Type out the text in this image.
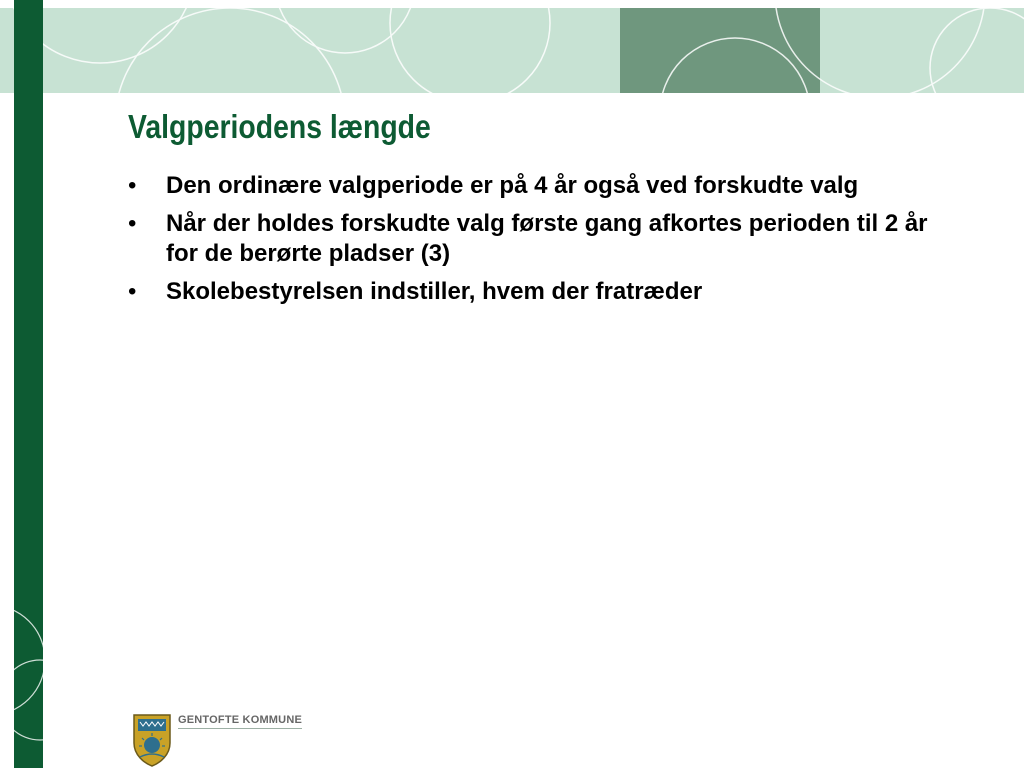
Valgperiodens længde
• Den ordinære valgperiode er på 4 år også ved forskudte valg
• Når der holdes forskudte valg første gang afkortes perioden til 2 år for de berørte pladser (3)
• Skolebestyrelsen indstiller, hvem der fratræder
GENTOFTE KOMMUNE
